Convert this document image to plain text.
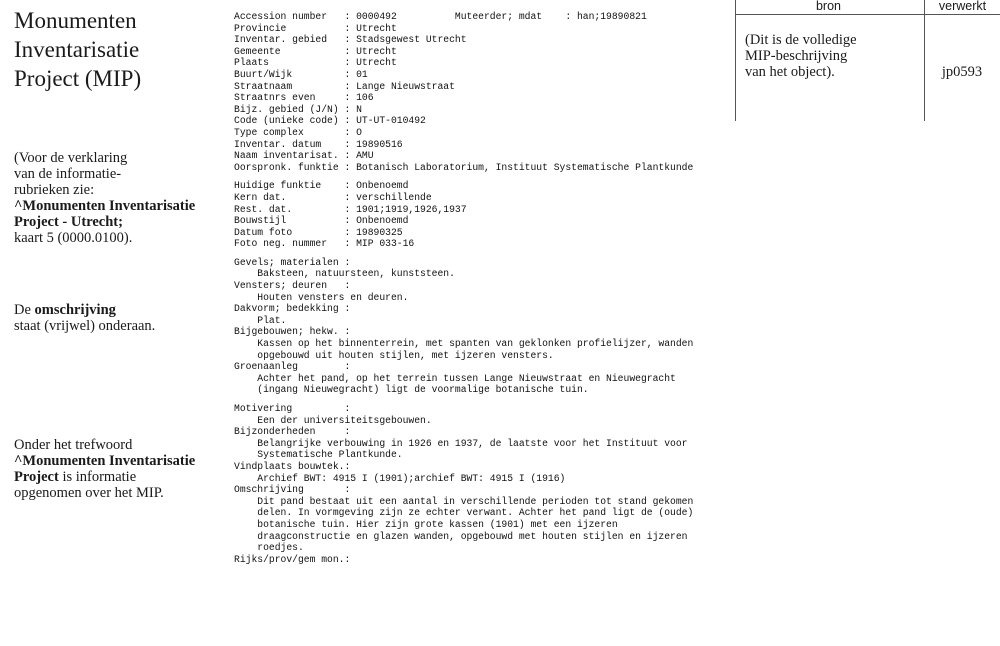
Monumenten
Inventarisatie
Project (MIP)
(Voor de verklaring
van de informatie-
rubrieken zie:
^Monumenten Inventarisatie
Project - Utrecht;
kaart 5 (0000.0100).
De omschrijving
staat (vrijwel) onderaan.
Onder het trefwoord
^Monumenten Inventarisatie
Project is informatie
opgenomen over het MIP.
Accession number   : 0000492          Muteerder; mdat    : han;19890821
Provincie          : Utrecht
Inventar. gebied   : Stadsgewest Utrecht
Gemeente           : Utrecht
Plaats             : Utrecht
Buurt/Wijk         : 01
Straatnaam         : Lange Nieuwstraat
Straatnrs even     : 106
Bijz. gebied (J/N) : N
Code (unieke code) : UT-UT-010492
Type complex       : O
Inventar. datum    : 19890516
Naam inventarisat. : AMU
Oorspronk. funktie : Botanisch Laboratorium, Instituut Systematische Plantkunde
Huidige funktie    : Onbenoemd
Kern dat.          : verschillende
Rest. dat.         : 1901;1919,1926,1937
Bouwstijl          : Onbenoemd
Datum foto         : 19890325
Foto neg. nummer   : MIP 033-16
Gevels; materialen :
Baksteen, natuursteen, kunststeen.
Vensters; deuren   :
Houten vensters en deuren.
Dakvorm; bedekking :
Plat.
Bijgebouwen; hekw. :
Kassen op het binnenterrein, met spanten van geklonken profielijzer, wanden
opgebouwd uit houten stijlen, met ijzeren vensters.
Groenaanleg        :
Achter het pand, op het terrein tussen Lange Nieuwstraat en Nieuwegracht
(ingang Nieuwegracht) ligt de voormalige botanische tuin.
Motivering         :
Een der universiteitsgebouwen.
Bijzonderheden     :
Belangrijke verbouwing in 1926 en 1937, de laatste voor het Instituut voor
Systematische Plantkunde.
Vindplaats bouwtek.:
Archief BWT: 4915 I (1901);archief BWT: 4915 I (1916)
Omschrijving       :
Dit pand bestaat uit een aantal in verschillende perioden tot stand gekomen
delen. In vormgeving zijn ze echter verwant. Achter het pand ligt de (oude)
botanische tuin. Hier zijn grote kassen (1901) met een ijzeren
draagconstructie en glazen wanden, opgebouwd met houten stijlen en ijzeren
roedjes.
Rijks/prov/gem mon.:
bron	verwerkt
(Dit is de volledige
MIP-beschrijving
van het object).	jp0593
